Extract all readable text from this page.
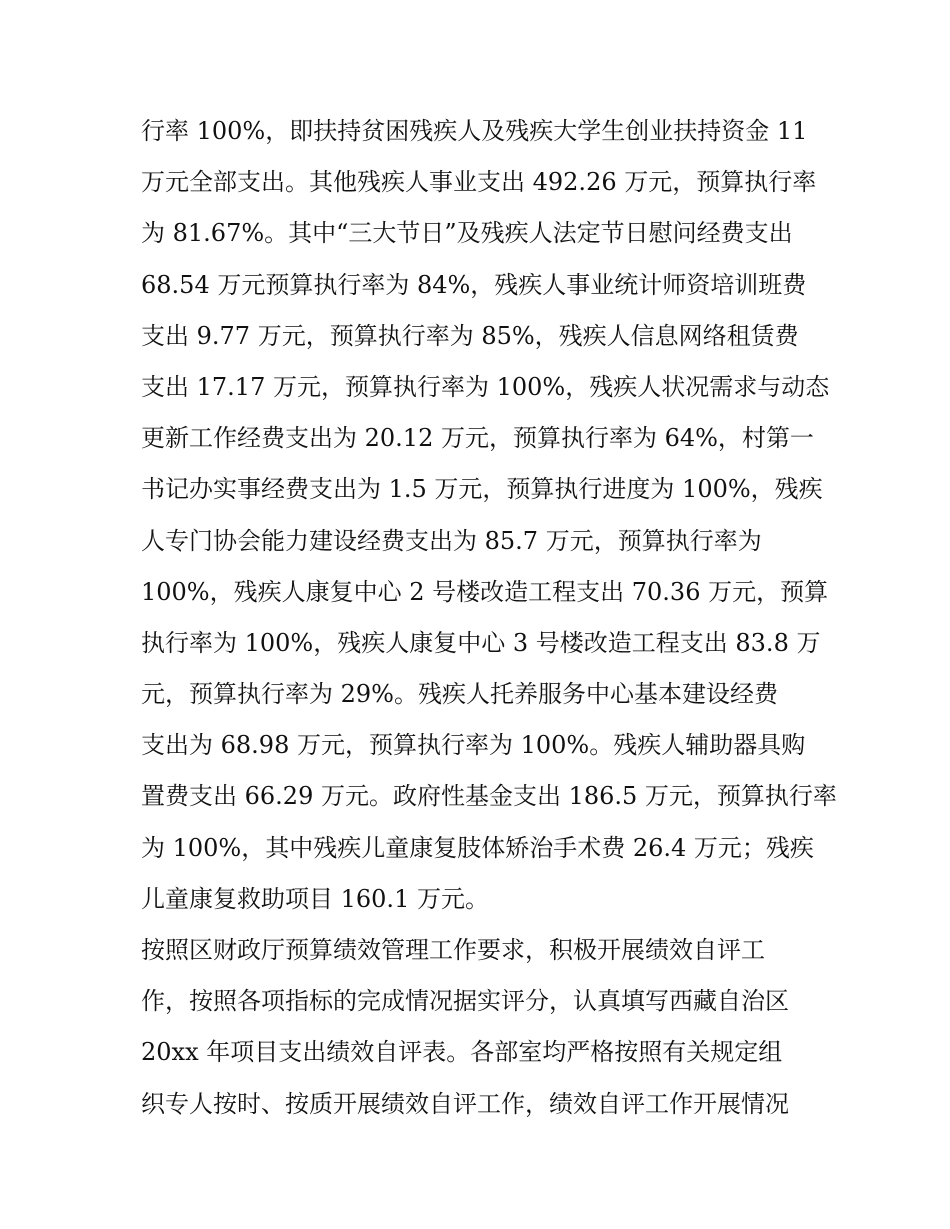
行率 100%，即扶持贫困残疾人及残疾大学生创业扶持资金 11
万元全部支出。其他残疾人事业支出 492.26 万元，预算执行率
为 81.67%。其中“三大节日”及残疾人法定节日慰问经费支出
68.54 万元预算执行率为 84%，残疾人事业统计师资培训班费
支出 9.77 万元，预算执行率为 85%，残疾人信息网络租赁费
支出 17.17 万元，预算执行率为 100%，残疾人状况需求与动态
更新工作经费支出为 20.12 万元，预算执行率为 64%，村第一
书记办实事经费支出为 1.5 万元，预算执行进度为 100%，残疾
人专门协会能力建设经费支出为 85.7 万元，预算执行率为
100%，残疾人康复中心 2 号楼改造工程支出 70.36 万元，预算
执行率为 100%，残疾人康复中心 3 号楼改造工程支出 83.8 万
元，预算执行率为 29%。残疾人托养服务中心基本建设经费
支出为 68.98 万元，预算执行率为 100%。残疾人辅助器具购
置费支出 66.29 万元。政府性基金支出 186.5 万元，预算执行率
为 100%，其中残疾儿童康复肢体矫治手术费 26.4 万元；残疾
儿童康复救助项目 160.1 万元。
按照区财政厅预算绩效管理工作要求，积极开展绩效自评工
作，按照各项指标的完成情况据实评分，认真填写西藏自治区
20xx 年项目支出绩效自评表。各部室均严格按照有关规定组
织专人按时、按质开展绩效自评工作，绩效自评工作开展情况
